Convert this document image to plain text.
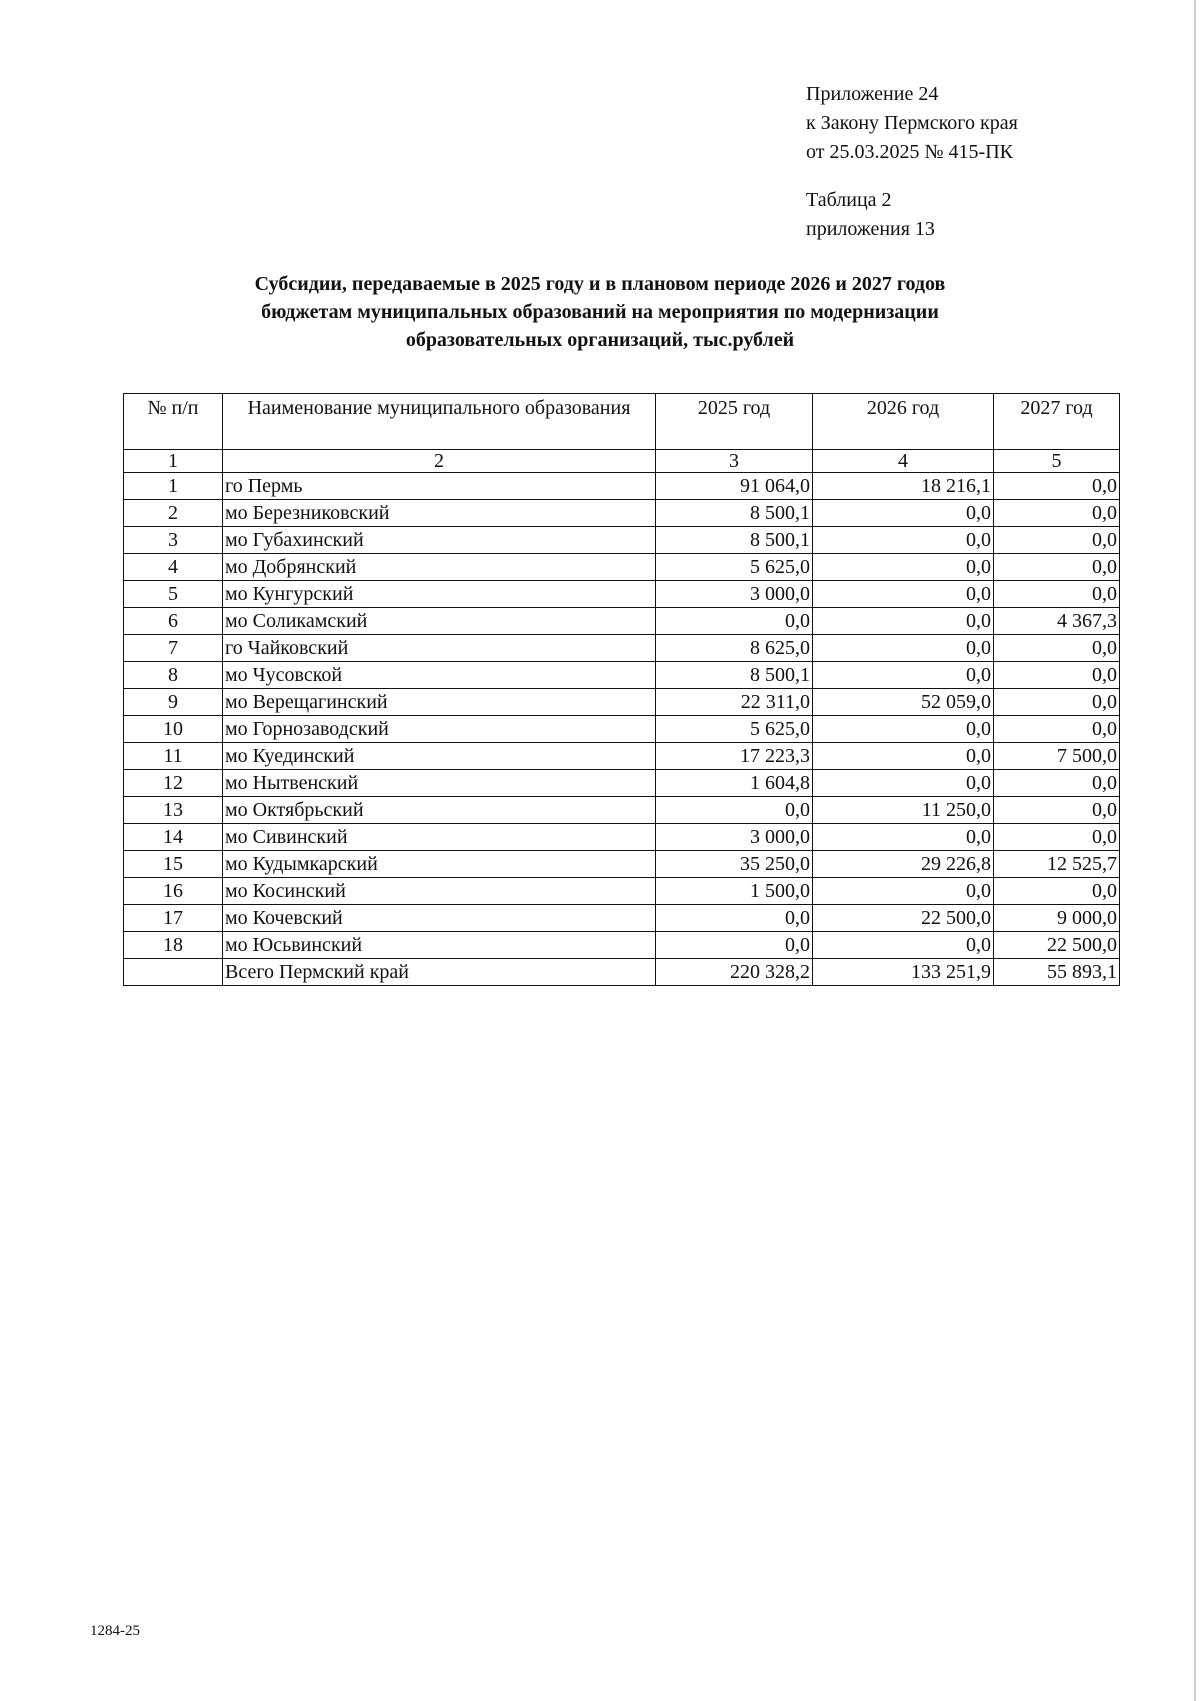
Приложение 24
к Закону Пермского края
от 25.03.2025 № 415-ПК
Таблица 2
приложения 13
Субсидии, передаваемые в 2025 году и в плановом периоде 2026 и 2027 годов
бюджетам муниципальных образований на мероприятия по модернизации
образовательных организаций, тыс.рублей
№ п/п	Наименование муниципального образования	2025 год	2026 год	2027 год
1	2	3	4	5
1	го Пермь	91 064,0	18 216,1	0,0
2	мо Березниковский	8 500,1	0,0	0,0
3	мо Губахинский	8 500,1	0,0	0,0
4	мо Добрянский	5 625,0	0,0	0,0
5	мо Кунгурский	3 000,0	0,0	0,0
6	мо Соликамский	0,0	0,0	4 367,3
7	го Чайковский	8 625,0	0,0	0,0
8	мо Чусовской	8 500,1	0,0	0,0
9	мо Верещагинский	22 311,0	52 059,0	0,0
10	мо Горнозаводский	5 625,0	0,0	0,0
11	мо Куединский	17 223,3	0,0	7 500,0
12	мо Нытвенский	1 604,8	0,0	0,0
13	мо Октябрьский	0,0	11 250,0	0,0
14	мо Сивинский	3 000,0	0,0	0,0
15	мо Кудымкарский	35 250,0	29 226,8	12 525,7
16	мо Косинский	1 500,0	0,0	0,0
17	мо Кочевский	0,0	22 500,0	9 000,0
18	мо Юсьвинский	0,0	0,0	22 500,0
	Всего Пермский край	220 328,2	133 251,9	55 893,1
1284-25
